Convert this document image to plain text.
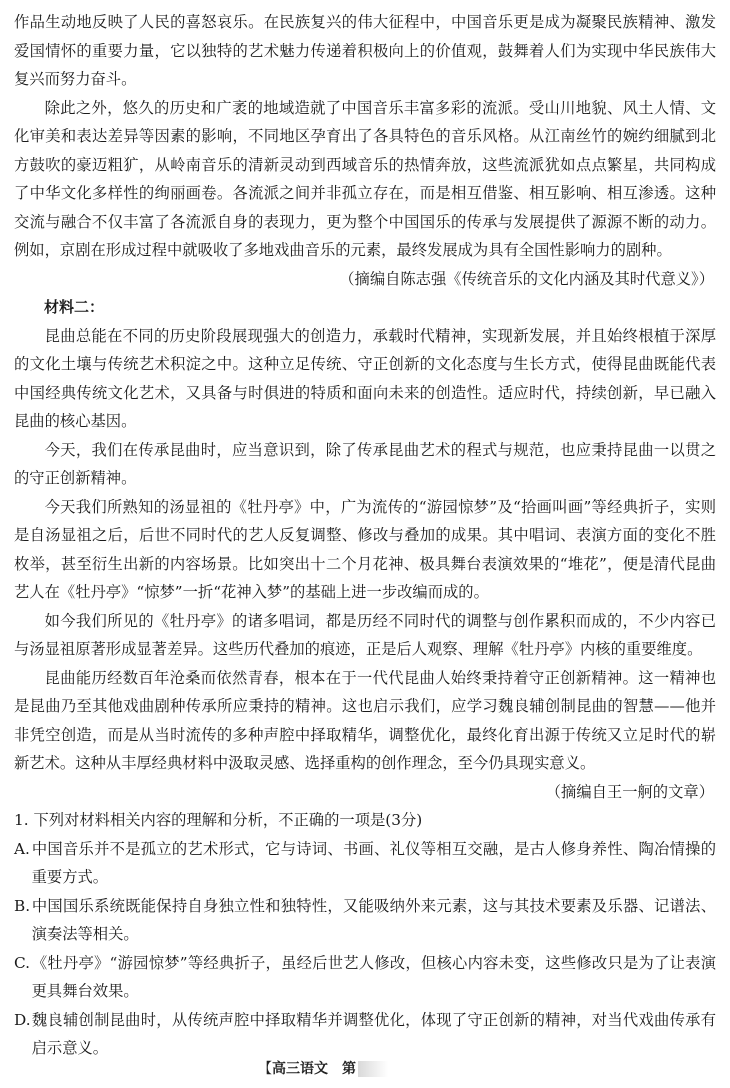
作品生动地反映了人民的喜怒哀乐。在民族复兴的伟大征程中，中国音乐更是成为凝聚民族精神、激发爱国情怀的重要力量，它以独特的艺术魅力传递着积极向上的价值观，鼓舞着人们为实现中华民族伟大复兴而努力奋斗。

除此之外，悠久的历史和广袤的地域造就了中国音乐丰富多彩的流派。受山川地貌、风土人情、文化审美和表达差异等因素的影响，不同地区孕育出了各具特色的音乐风格。从江南丝竹的婉约细腻到北方鼓吹的豪迈粗犷，从岭南音乐的清新灵动到西域音乐的热情奔放，这些流派犹如点点繁星，共同构成了中华文化多样性的绚丽画卷。各流派之间并非孤立存在，而是相互借鉴、相互影响、相互渗透。这种交流与融合不仅丰富了各流派自身的表现力，更为整个中国国乐的传承与发展提供了源源不断的动力。例如，京剧在形成过程中就吸收了多地戏曲音乐的元素，最终发展成为具有全国性影响力的剧种。

（摘编自陈志强《传统音乐的文化内涵及其时代意义》）

材料二：

昆曲总能在不同的历史阶段展现强大的创造力，承载时代精神，实现新发展，并且始终根植于深厚的文化土壤与传统艺术积淀之中。这种立足传统、守正创新的文化态度与生长方式，使得昆曲既能代表中国经典传统文化艺术，又具备与时俱进的特质和面向未来的创造性。适应时代，持续创新，早已融入昆曲的核心基因。

今天，我们在传承昆曲时，应当意识到，除了传承昆曲艺术的程式与规范，也应秉持昆曲一以贯之的守正创新精神。

今天我们所熟知的汤显祖的《牡丹亭》中，广为流传的“游园惊梦”及“拾画叫画”等经典折子，实则是自汤显祖之后，后世不同时代的艺人反复调整、修改与叠加的成果。其中唱词、表演方面的变化不胜枚举，甚至衍生出新的内容场景。比如突出十二个月花神、极具舞台表演效果的“堆花”，便是清代昆曲艺人在《牡丹亭》“惊梦”一折“花神入梦”的基础上进一步改编而成的。

如今我们所见的《牡丹亭》的诸多唱词，都是历经不同时代的调整与创作累积而成的，不少内容已与汤显祖原著形成显著差异。这些历代叠加的痕迹，正是后人观察、理解《牡丹亭》内核的重要维度。

昆曲能历经数百年沧桑而依然青春，根本在于一代代昆曲人始终秉持着守正创新精神。这一精神也是昆曲乃至其他戏曲剧种传承所应秉持的精神。这也启示我们，应学习魏良辅创制昆曲的智慧——他并非凭空创造，而是从当时流传的多种声腔中择取精华，调整优化，最终化育出源于传统又立足时代的崭新艺术。这种从丰厚经典材料中汲取灵感、选择重构的创作理念，至今仍具现实意义。

（摘编自王一舸的文章）

1. 下列对材料相关内容的理解和分析，不正确的一项是(3分)

A. 中国音乐并不是孤立的艺术形式，它与诗词、书画、礼仪等相互交融，是古人修身养性、陶冶情操的重要方式。

B.中国国乐系统既能保持自身独立性和独特性，又能吸纳外来元素，这与其技术要素及乐器、记谱法、演奏法等相关。

C. 《牡丹亭》“游园惊梦”等经典折子，虽经后世艺人修改，但核心内容未变，这些修改只是为了让表演更具舞台效果。

D.魏良辅创制昆曲时，从传统声腔中择取精华并调整优化，体现了守正创新的精神，对当代戏曲传承有启示意义。

【高三语文　第
